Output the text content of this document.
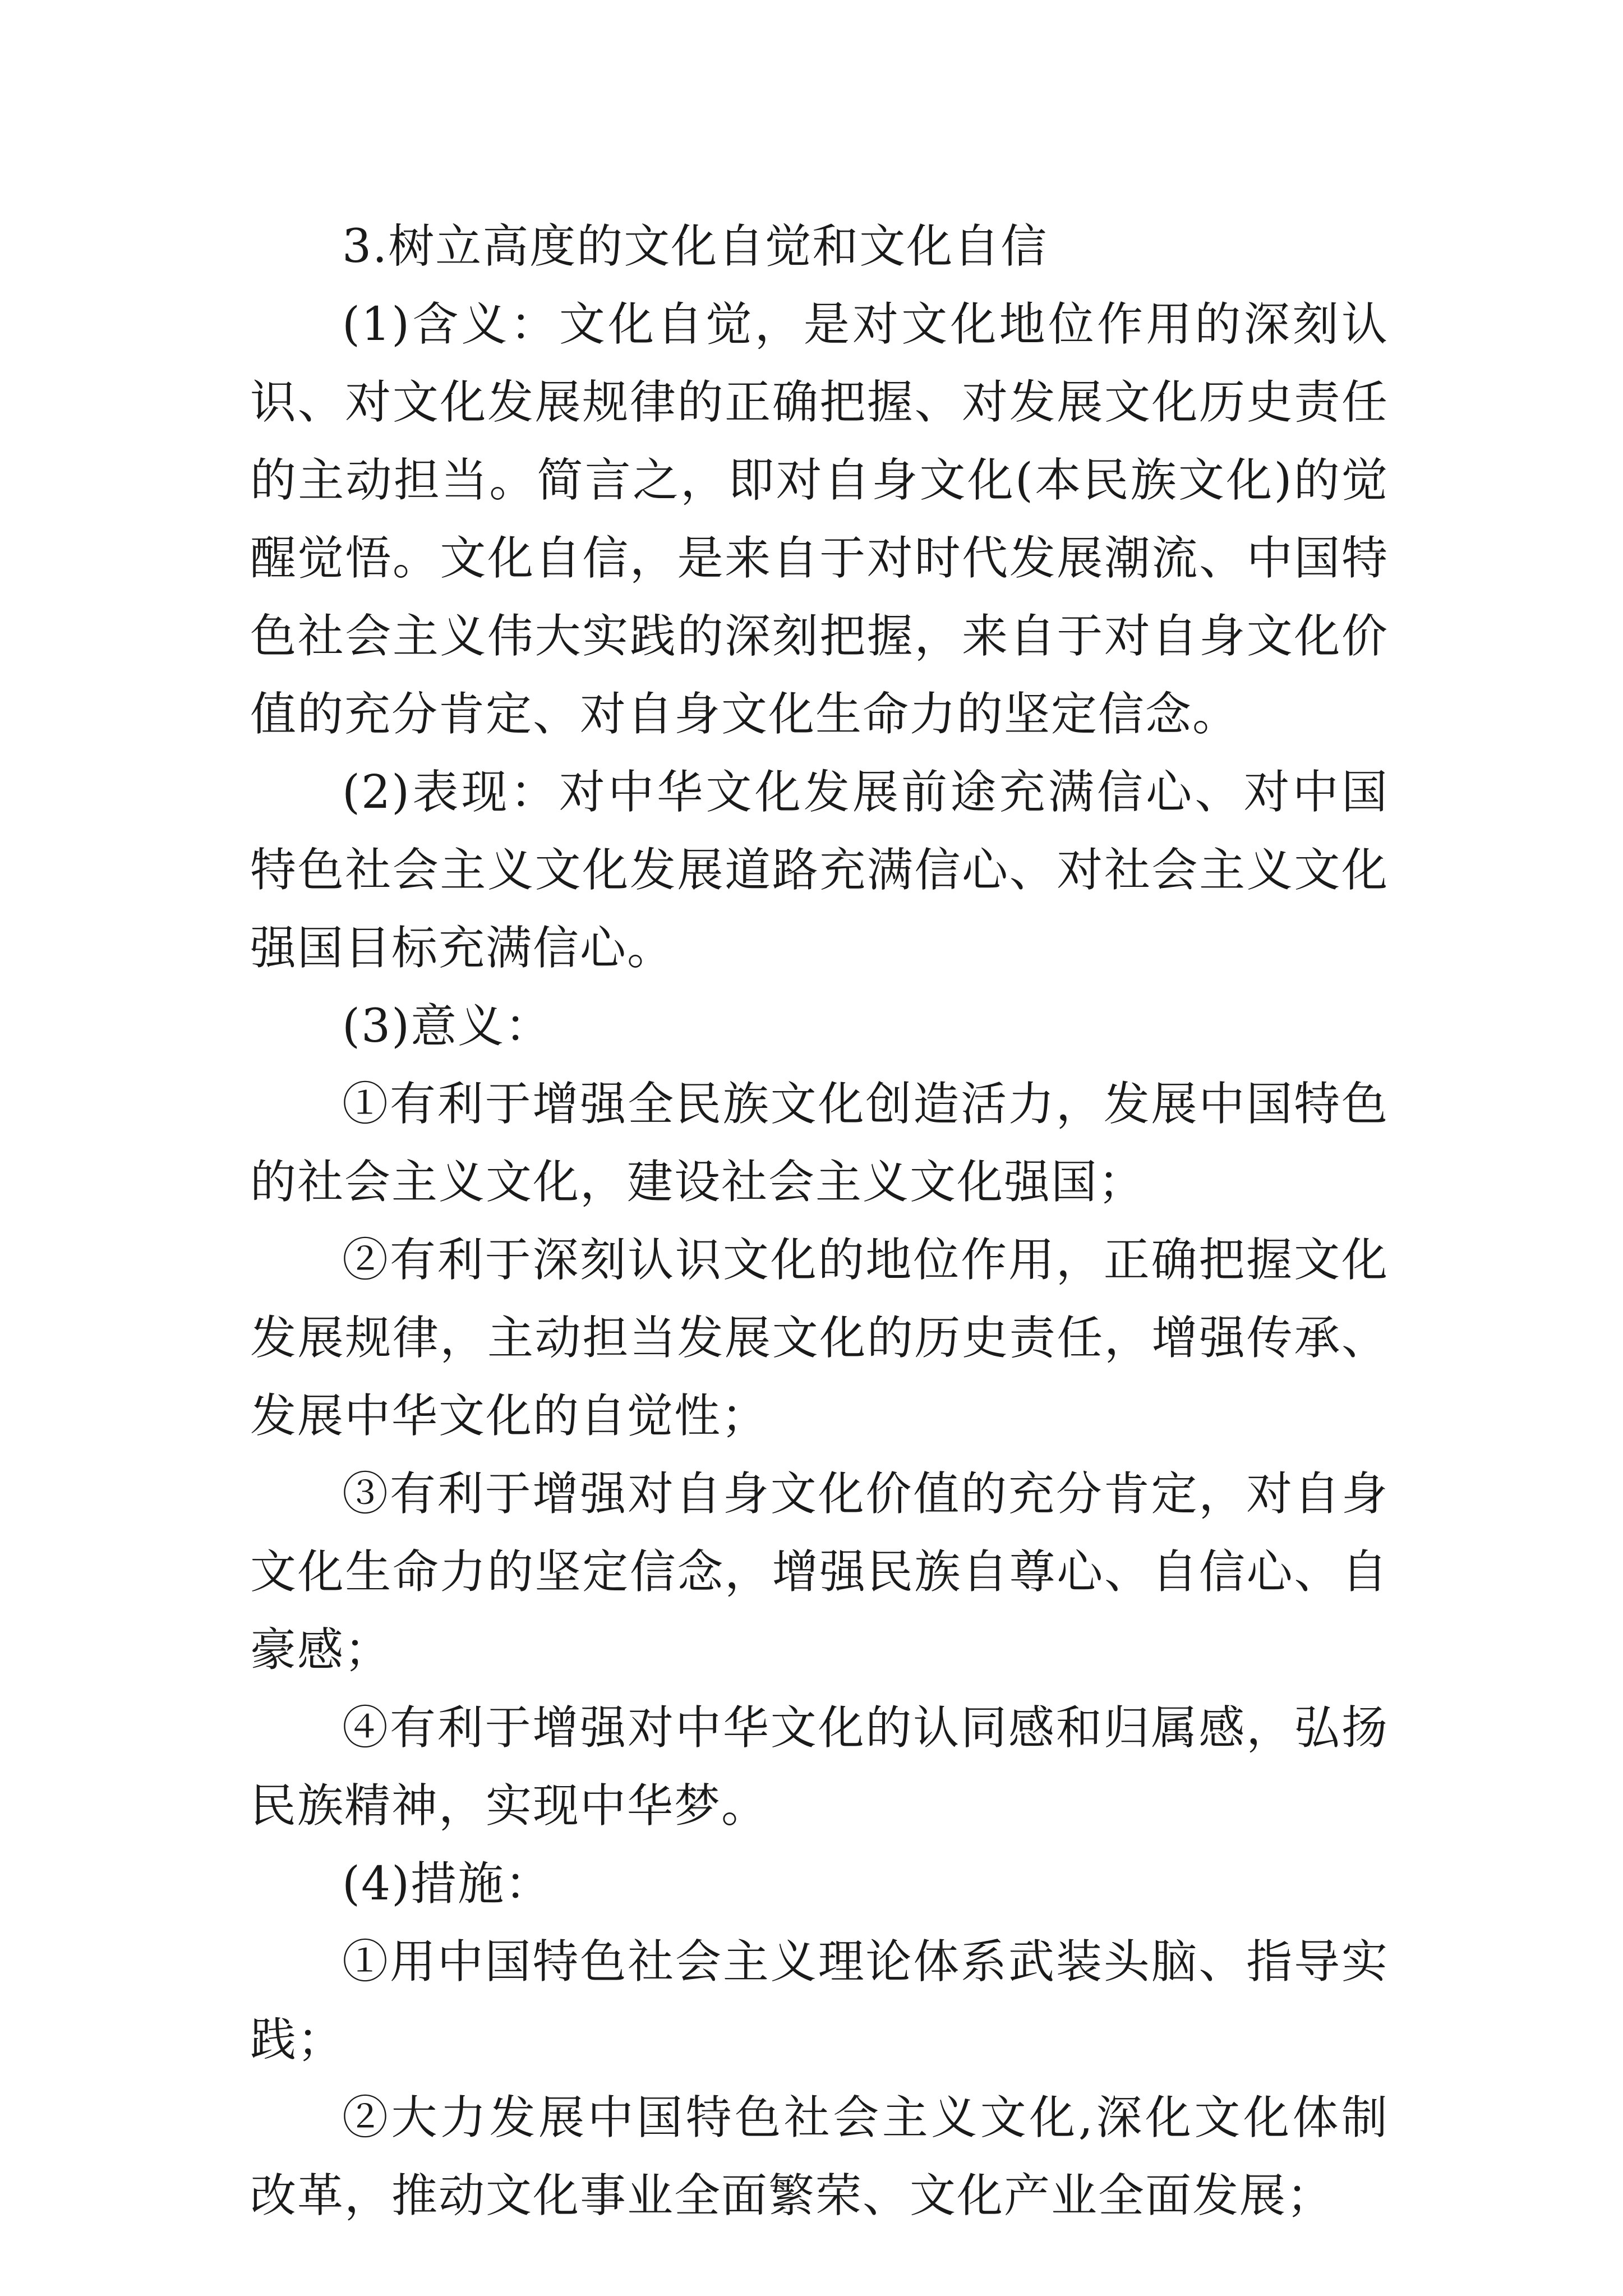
3.树立高度的文化自觉和文化自信

(1)含义：文化自觉，是对文化地位作用的深刻认识、对文化发展规律的正确把握、对发展文化历史责任的主动担当。简言之，即对自身文化(本民族文化)的觉醒觉悟。文化自信，是来自于对时代发展潮流、中国特色社会主义伟大实践的深刻把握，来自于对自身文化价值的充分肯定、对自身文化生命力的坚定信念。

(2)表现：对中华文化发展前途充满信心、对中国特色社会主义文化发展道路充满信心、对社会主义文化强国目标充满信心。

(3)意义：

①有利于增强全民族文化创造活力，发展中国特色的社会主义文化，建设社会主义文化强国；

②有利于深刻认识文化的地位作用，正确把握文化发展规律，主动担当发展文化的历史责任，增强传承、发展中华文化的自觉性；

③有利于增强对自身文化价值的充分肯定，对自身文化生命力的坚定信念，增强民族自尊心、自信心、自豪感；

④有利于增强对中华文化的认同感和归属感，弘扬民族精神，实现中华梦。

(4)措施：

①用中国特色社会主义理论体系武装头脑、指导实践；

②大力发展中国特色社会主义文化,深化文化体制改革，推动文化事业全面繁荣、文化产业全面发展；
